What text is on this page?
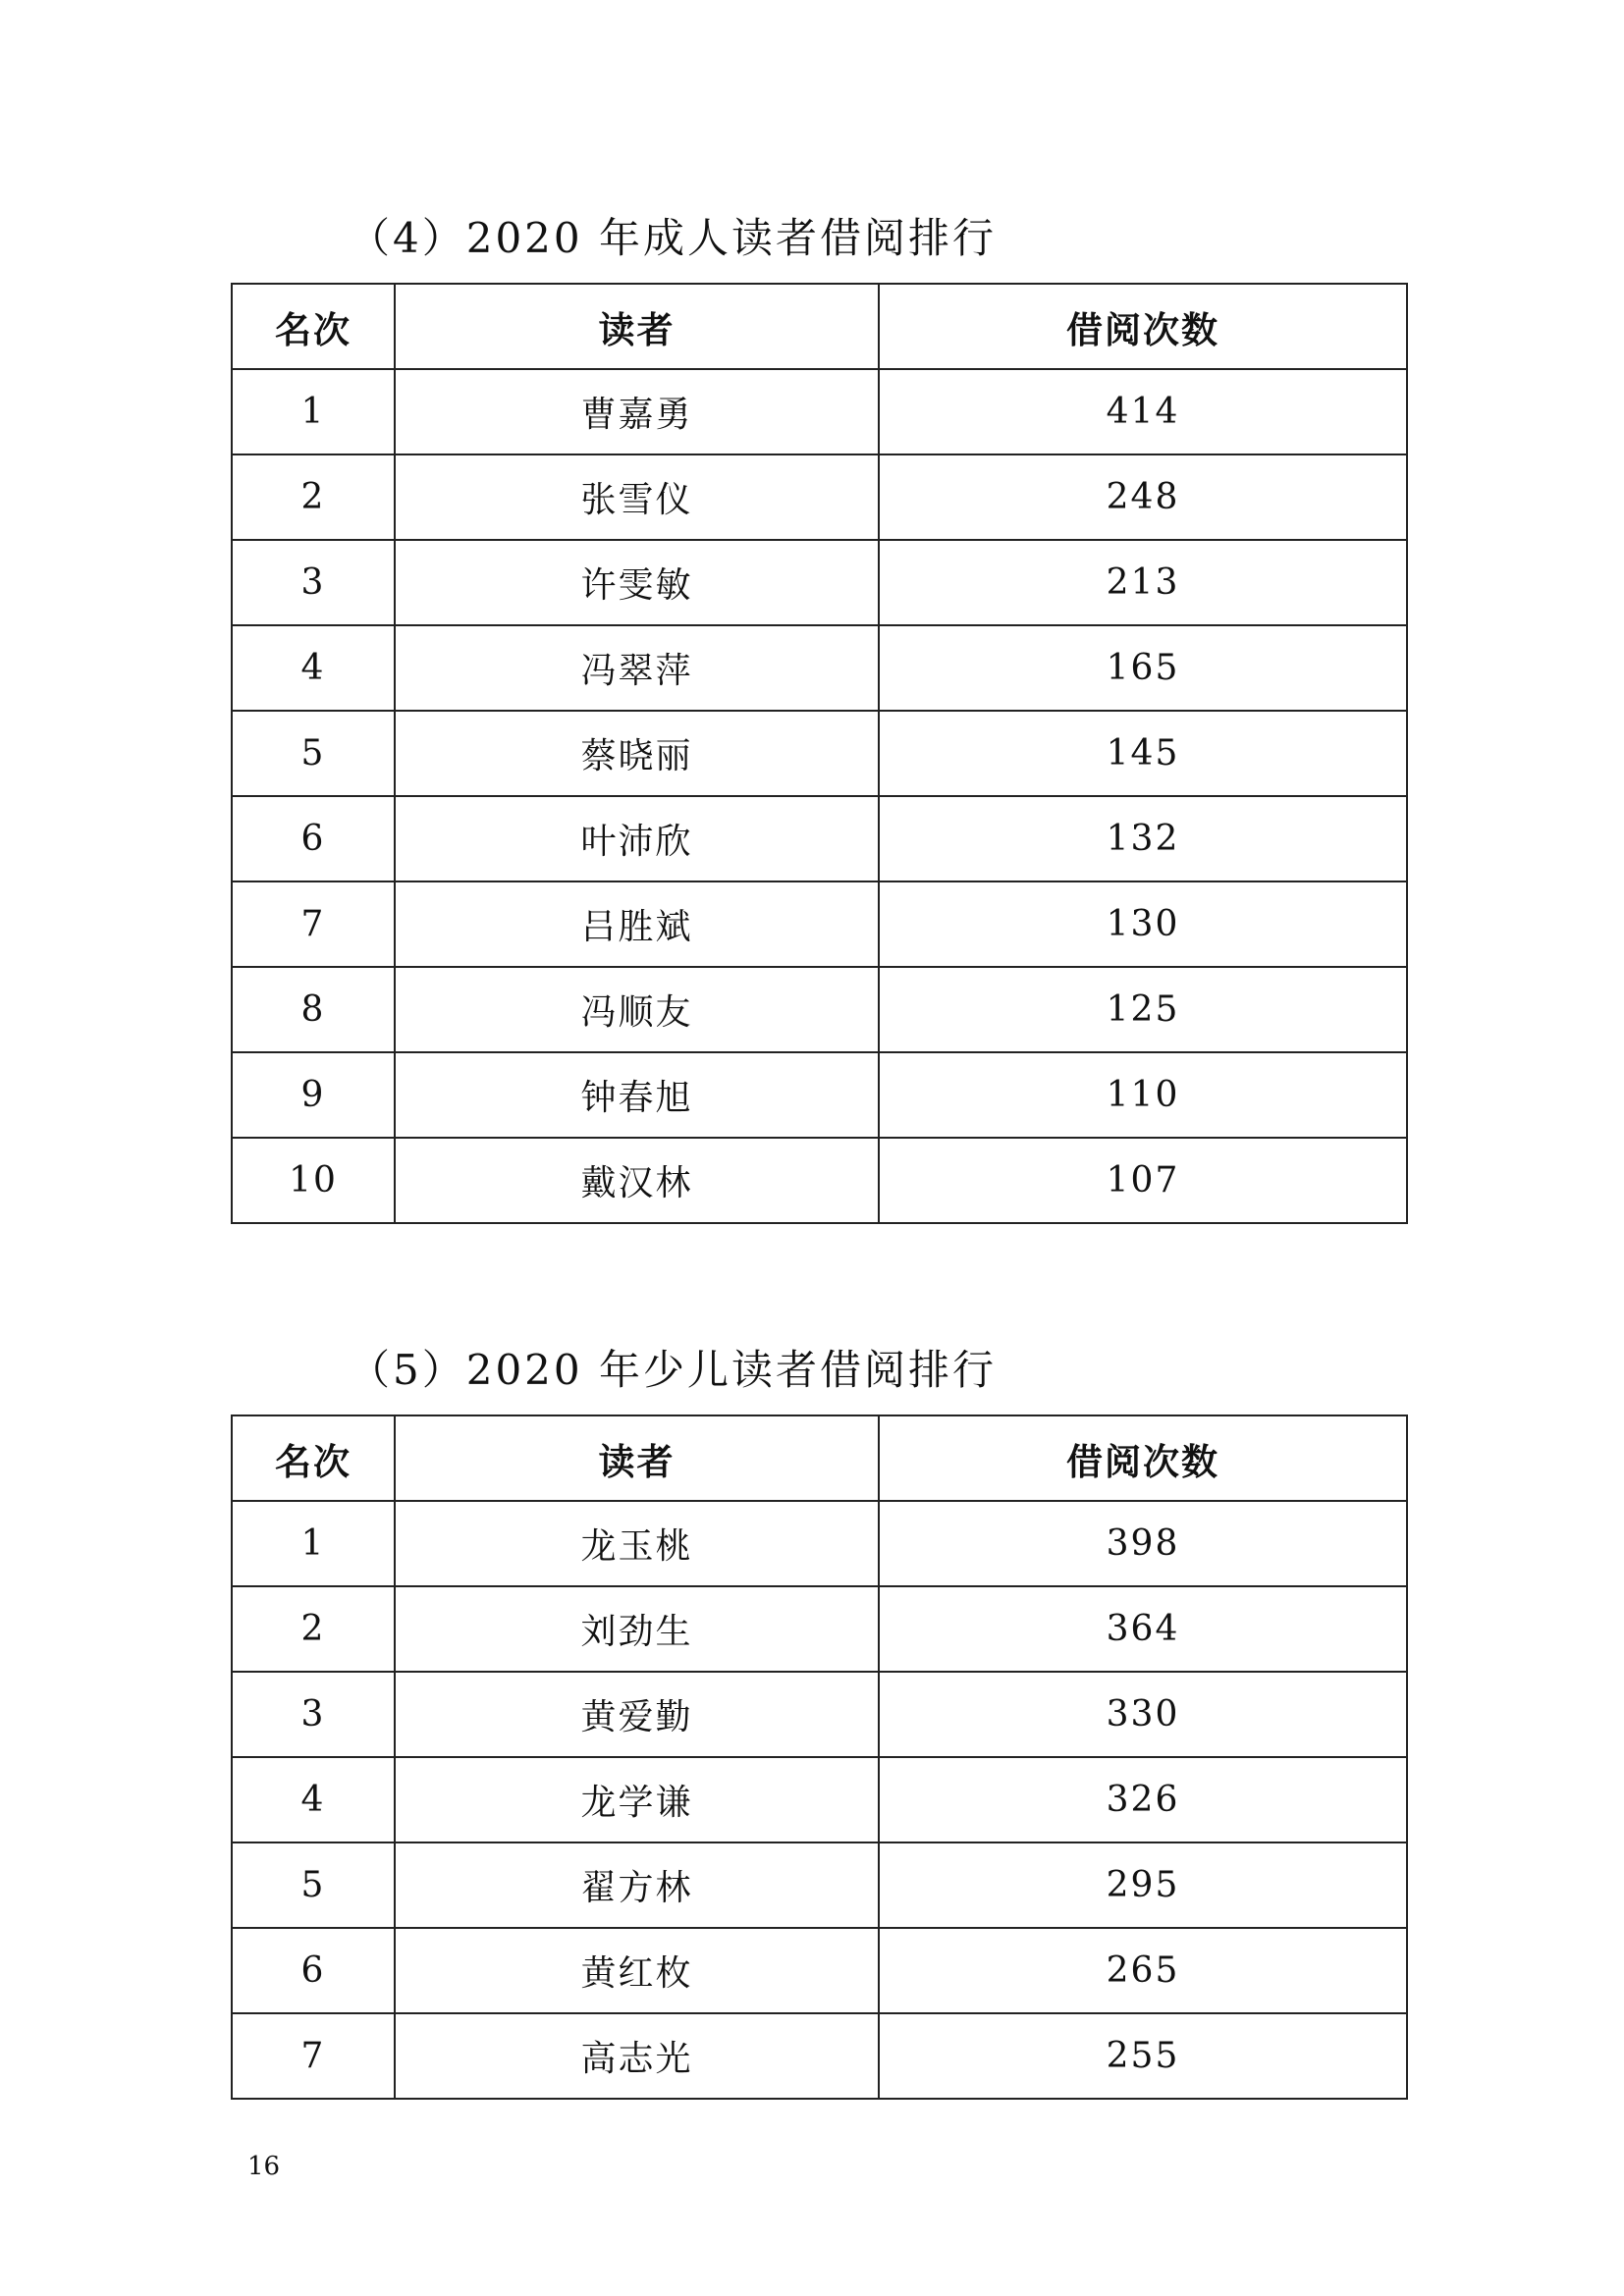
（4）2020 年成人读者借阅排行
名次	读者	借阅次数
1	曹嘉勇	414
2	张雪仪	248
3	许雯敏	213
4	冯翠萍	165
5	蔡晓丽	145
6	叶沛欣	132
7	吕胜斌	130
8	冯顺友	125
9	钟春旭	110
10	戴汉林	107
（5）2020 年少儿读者借阅排行
名次	读者	借阅次数
1	龙玉桃	398
2	刘劲生	364
3	黄爱勤	330
4	龙学谦	326
5	翟方林	295
6	黄红枚	265
7	高志光	255
16
